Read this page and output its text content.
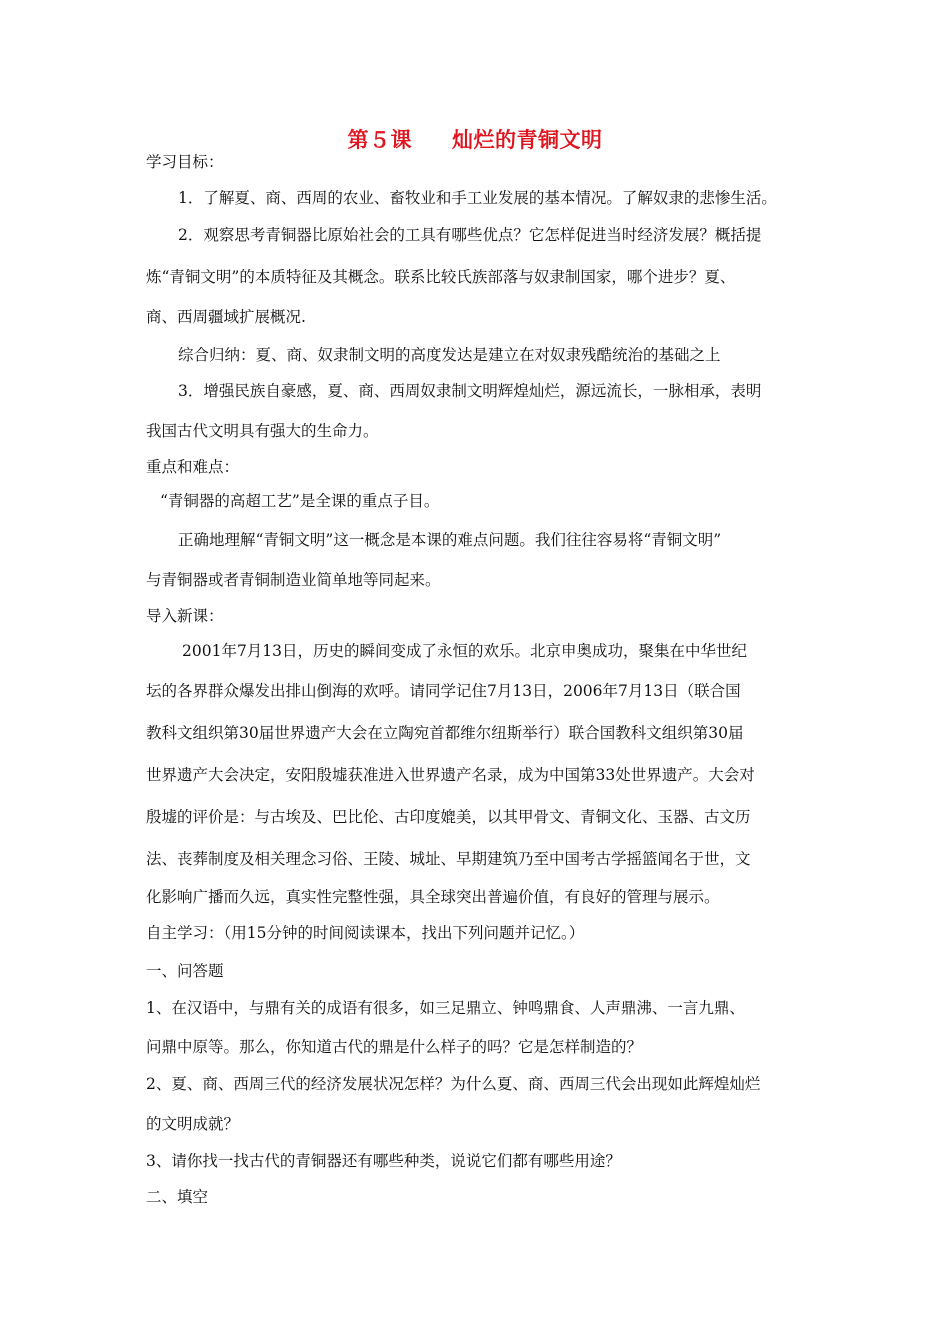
第５课 灿烂的青铜文明
学习目标：
1．了解夏、商、西周的农业、畜牧业和手工业发展的基本情况。了解奴隶的悲惨生活。
2．观察思考青铜器比原始社会的工具有哪些优点？它怎样促进当时经济发展？概括提
炼“青铜文明”的本质特征及其概念。联系比较氏族部落与奴隶制国家，哪个进步？夏、
商、西周疆域扩展概况.
综合归纳：夏、商、奴隶制文明的高度发达是建立在对奴隶残酷统治的基础之上
3．增强民族自豪感，夏、商、西周奴隶制文明辉煌灿烂，源远流长，一脉相承，表明
我国古代文明具有强大的生命力。
重点和难点：
“青铜器的高超工艺”是全课的重点子目。
正确地理解“青铜文明”这一概念是本课的难点问题。我们往往容易将“青铜文明”
与青铜器或者青铜制造业简单地等同起来。
导入新课：
2001年7月13日，历史的瞬间变成了永恒的欢乐。北京申奥成功，聚集在中华世纪
坛的各界群众爆发出排山倒海的欢呼。请同学记住7月13日，2006年7月13日（联合国
教科文组织第30届世界遗产大会在立陶宛首都维尔纽斯举行）联合国教科文组织第30届
世界遗产大会决定，安阳殷墟获准进入世界遗产名录，成为中国第33处世界遗产。大会对
殷墟的评价是：与古埃及、巴比伦、古印度媲美，以其甲骨文、青铜文化、玉器、古文历
法、丧葬制度及相关理念习俗、王陵、城址、早期建筑乃至中国考古学摇篮闻名于世，文
化影响广播而久远，真实性完整性强，具全球突出普遍价值，有良好的管理与展示。
自主学习：（用15分钟的时间阅读课本，找出下列问题并记忆。）
一、问答题
1、在汉语中，与鼎有关的成语有很多，如三足鼎立、钟鸣鼎食、人声鼎沸、一言九鼎、
问鼎中原等。那么，你知道古代的鼎是什么样子的吗？它是怎样制造的？
2、夏、商、西周三代的经济发展状况怎样？为什么夏、商、西周三代会出现如此辉煌灿烂
的文明成就？
3、请你找一找古代的青铜器还有哪些种类，说说它们都有哪些用途？
二、填空
